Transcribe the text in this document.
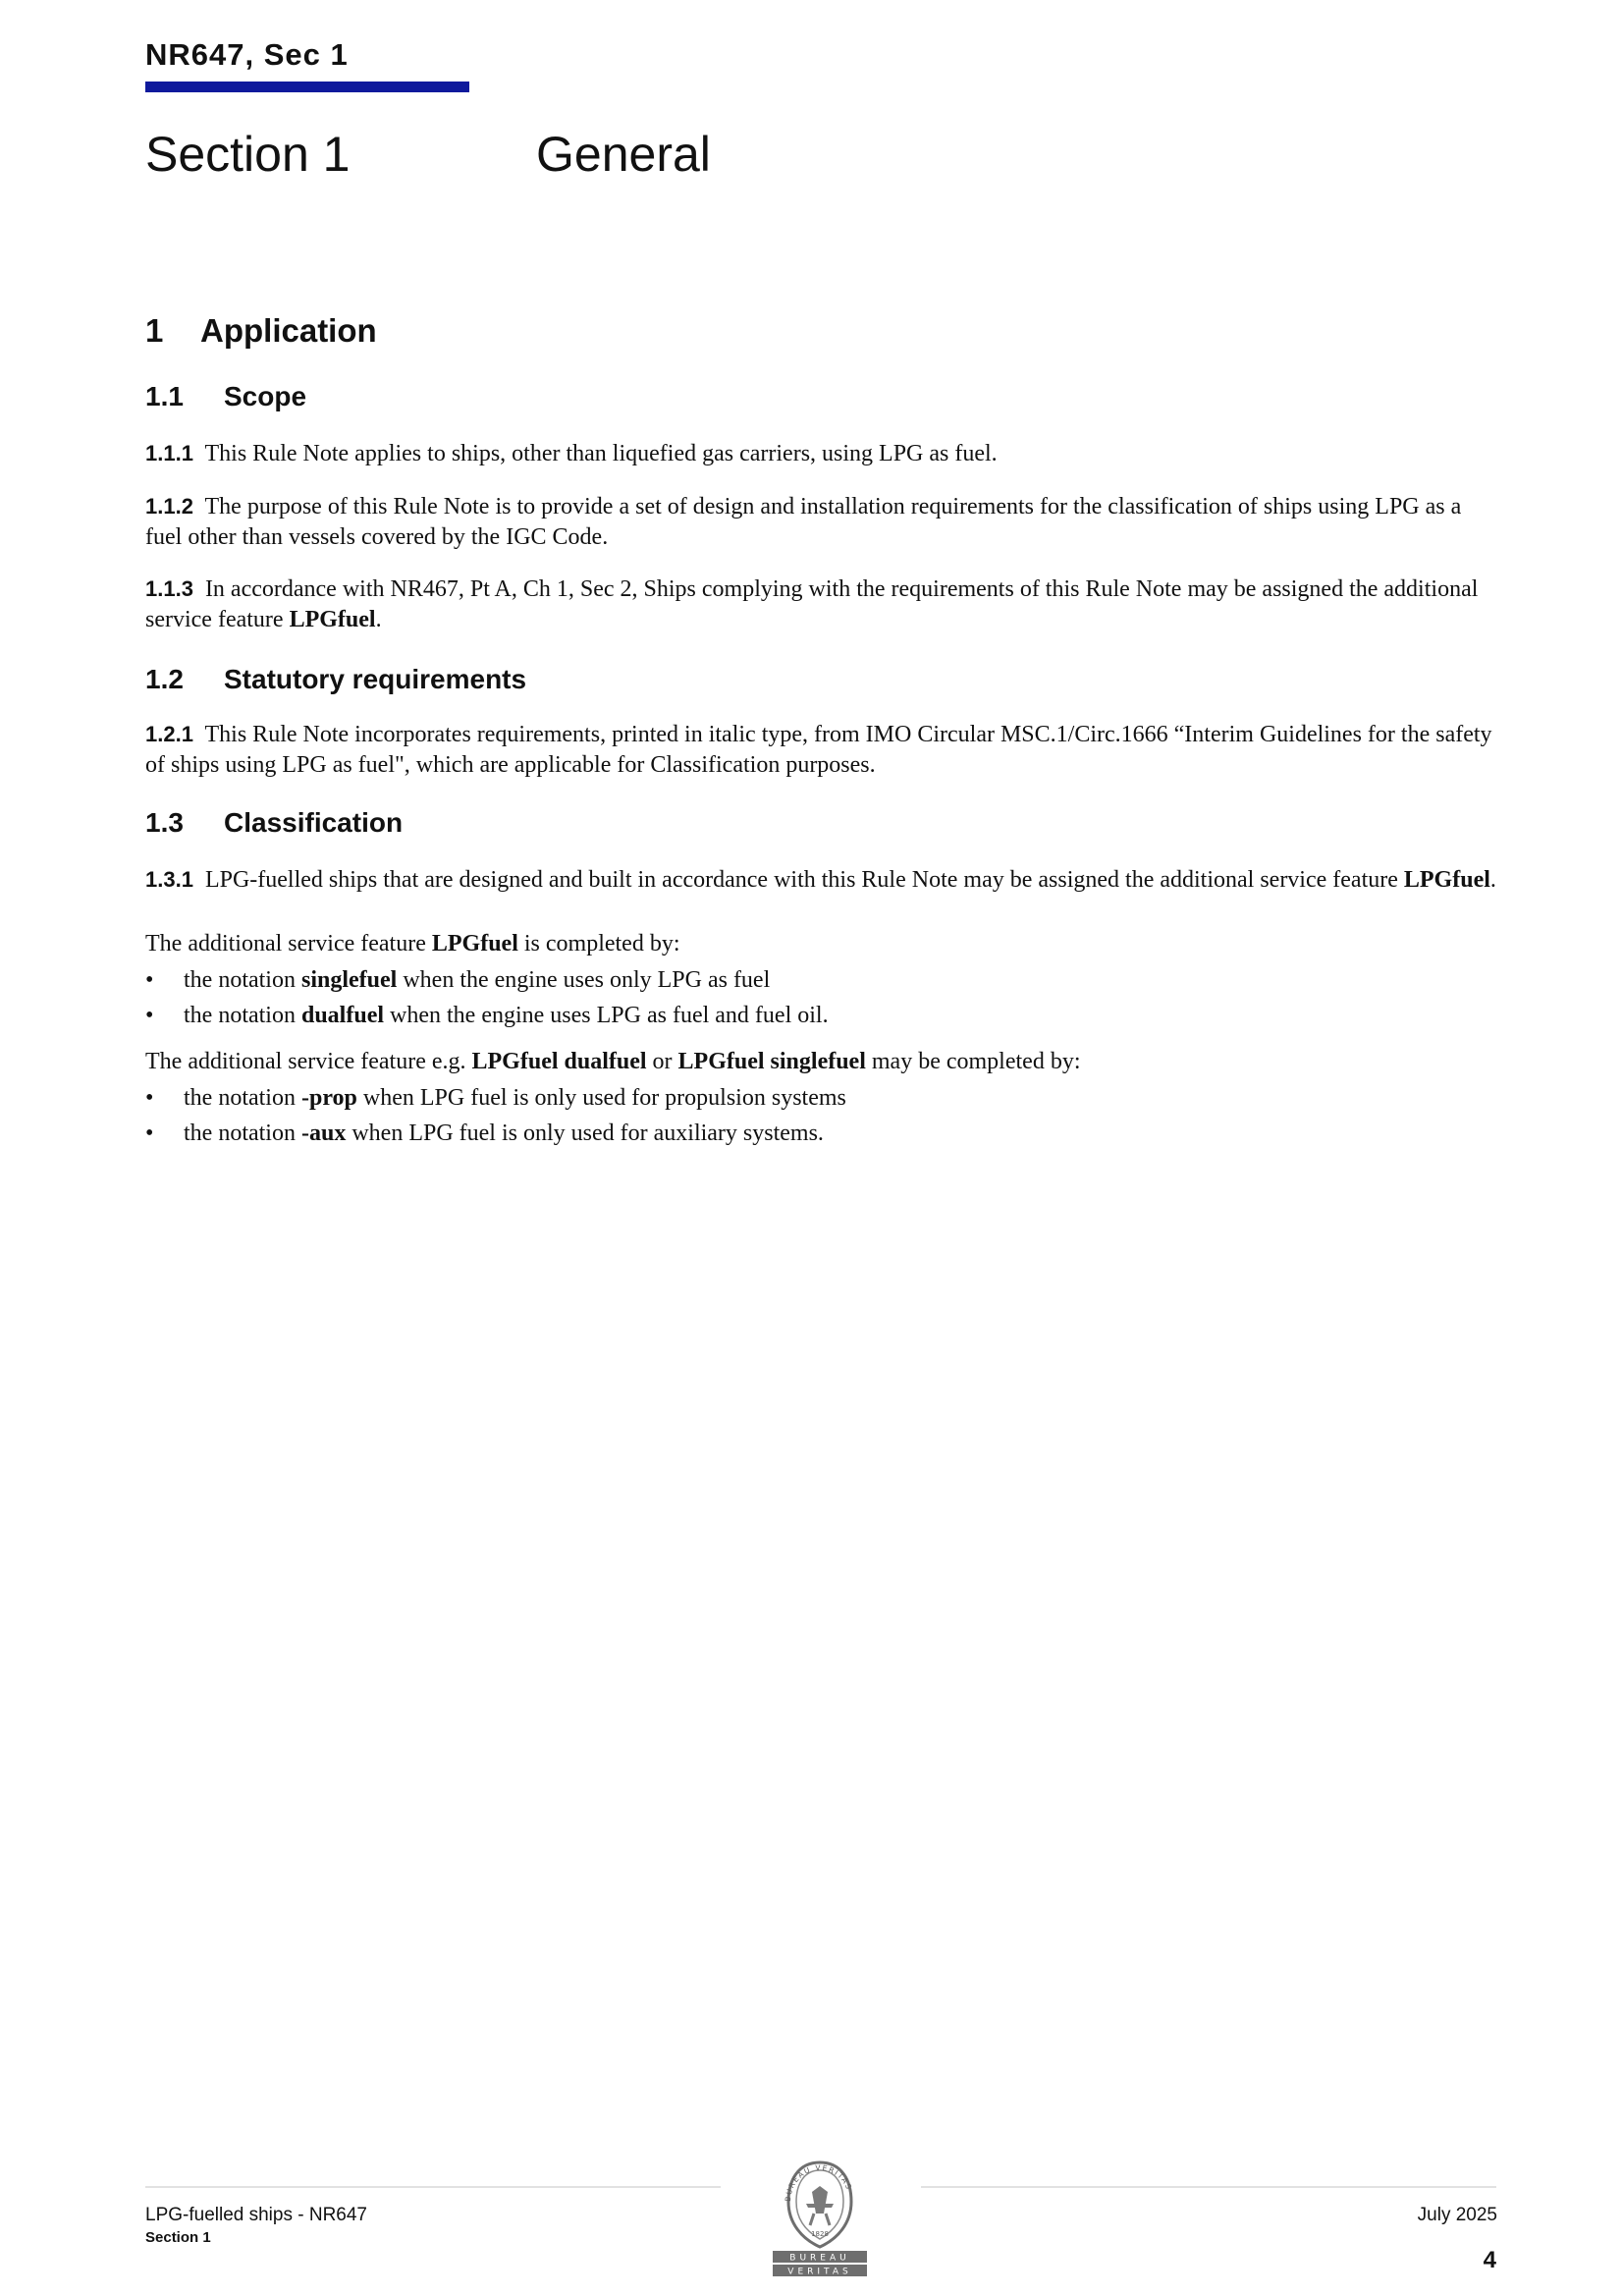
NR647, Sec 1
Section 1	General
1 Application
1.1 Scope
1.1.1 This Rule Note applies to ships, other than liquefied gas carriers, using LPG as fuel.
1.1.2 The purpose of this Rule Note is to provide a set of design and installation requirements for the classification of ships using LPG as a fuel other than vessels covered by the IGC Code.
1.1.3 In accordance with NR467, Pt A, Ch 1, Sec 2, Ships complying with the requirements of this Rule Note may be assigned the additional service feature LPGfuel.
1.2 Statutory requirements
1.2.1 This Rule Note incorporates requirements, printed in italic type, from IMO Circular MSC.1/Circ.1666 “Interim Guidelines for the safety of ships using LPG as fuel", which are applicable for Classification purposes.
1.3 Classification
1.3.1 LPG-fuelled ships that are designed and built in accordance with this Rule Note may be assigned the additional service feature LPGfuel.
The additional service feature LPGfuel is completed by:
• the notation singlefuel when the engine uses only LPG as fuel
• the notation dualfuel when the engine uses LPG as fuel and fuel oil.
The additional service feature e.g. LPGfuel dualfuel or LPGfuel singlefuel may be completed by:
• the notation -prop when LPG fuel is only used for propulsion systems
• the notation -aux when LPG fuel is only used for auxiliary systems.
LPG-fuelled ships - NR647
Section 1
July 2025
4
BUREAU VERITAS
1828
BUREAU
VERITAS
